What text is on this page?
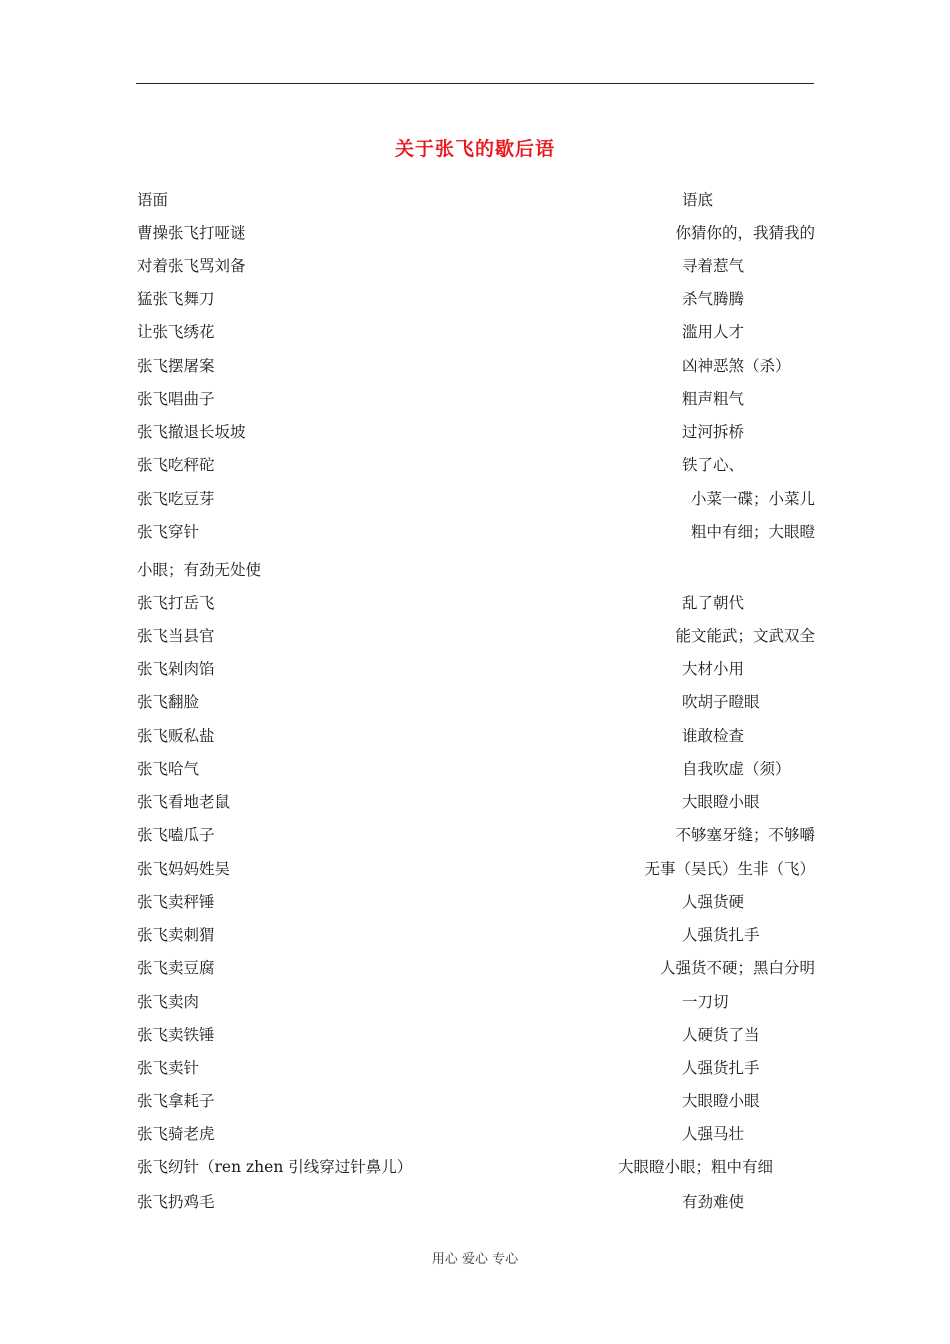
关于张飞的歇后语
语面	语底
曹操张飞打哑谜	你猜你的，我猜我的
对着张飞骂刘备	寻着惹气
猛张飞舞刀	杀气腾腾
让张飞绣花	滥用人才
张飞摆屠案	凶神恶煞（杀）
张飞唱曲子	粗声粗气
张飞撤退长坂坡	过河拆桥
张飞吃秤砣	铁了心、
张飞吃豆芽	小菜一碟；小菜儿
张飞穿针	粗中有细；大眼瞪
小眼；有劲无处使
张飞打岳飞	乱了朝代
张飞当县官	能文能武；文武双全
张飞剁肉馅	大材小用
张飞翻脸	吹胡子瞪眼
张飞贩私盐	谁敢检查
张飞哈气	自我吹虚（须）
张飞看地老鼠	大眼瞪小眼
张飞嗑瓜子	不够塞牙缝；不够嚼
张飞妈妈姓吴	无事（吴氏）生非（飞）
张飞卖秤锤	人强货硬
张飞卖刺猬	人强货扎手
张飞卖豆腐	人强货不硬；黑白分明
张飞卖肉	一刀切
张飞卖铁锤	人硬货了当
张飞卖针	人强货扎手
张飞拿耗子	大眼瞪小眼
张飞骑老虎	人强马壮
张飞纫针（ren zhen 引线穿过针鼻儿）	大眼瞪小眼；粗中有细
张飞扔鸡毛	有劲难使
用心 爱心 专心
